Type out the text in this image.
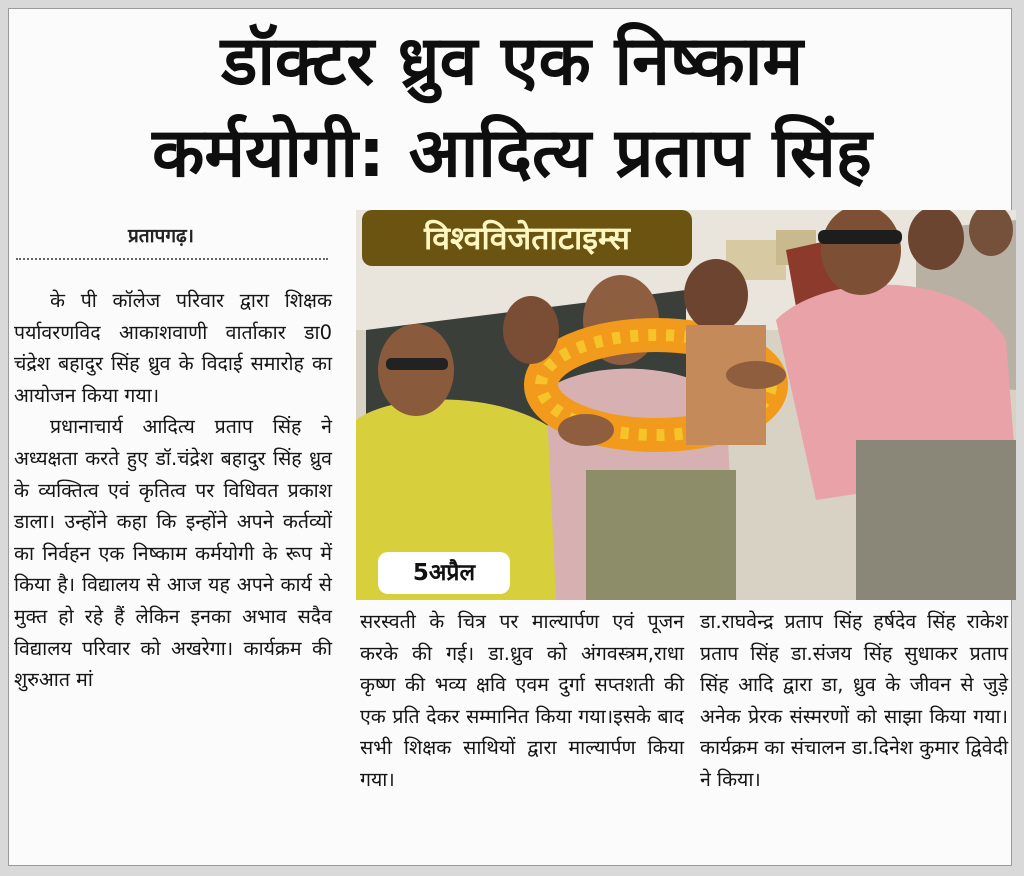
डॉक्टर ध्रुव एक निष्काम
कर्मयोगी: आदित्य प्रताप सिंह
प्रतापगढ़।

के पी कॉलेज परिवार द्वारा शिक्षक पर्यावरणविद आकाशवाणी वार्ताकार डा0 चंद्रेश बहादुर सिंह ध्रुव के विदाई समारोह का आयोजन किया गया।

प्रधानाचार्य आदित्य प्रताप सिंह ने अध्यक्षता करते हुए डॉ.चंद्रेश बहादुर सिंह ध्रुव के व्यक्तित्व एवं कृतित्व पर विधिवत प्रकाश डाला। उन्होंने कहा कि इन्होंने अपने कर्तव्यों का निर्वहन एक निष्काम कर्मयोगी के रूप में किया है। विद्यालय से आज यह अपने कार्य से मुक्त हो रहे हैं लेकिन इनका अभाव सदैव विद्यालय परिवार को अखरेगा। कार्यक्रम की शुरुआत मां

विश्वविजेताटाइम्स
5अप्रैल

सरस्वती के चित्र पर माल्यार्पण एवं पूजन करके की गई। डा.ध्रुव को अंगवस्त्रम,राधा कृष्ण की भव्य क्षवि एवम दुर्गा सप्तशती की एक प्रति देकर सम्मानित किया गया।इसके बाद सभी शिक्षक साथियों द्वारा माल्यार्पण किया गया।

डा.राघवेन्द्र प्रताप सिंह हर्षदेव सिंह राकेश प्रताप सिंह डा.संजय सिंह सुधाकर प्रताप सिंह आदि द्वारा डा, ध्रुव के जीवन से जुड़े अनेक प्रेरक संस्मरणों को साझा किया गया। कार्यक्रम का संचालन डा.दिनेश कुमार द्विवेदी ने किया।
